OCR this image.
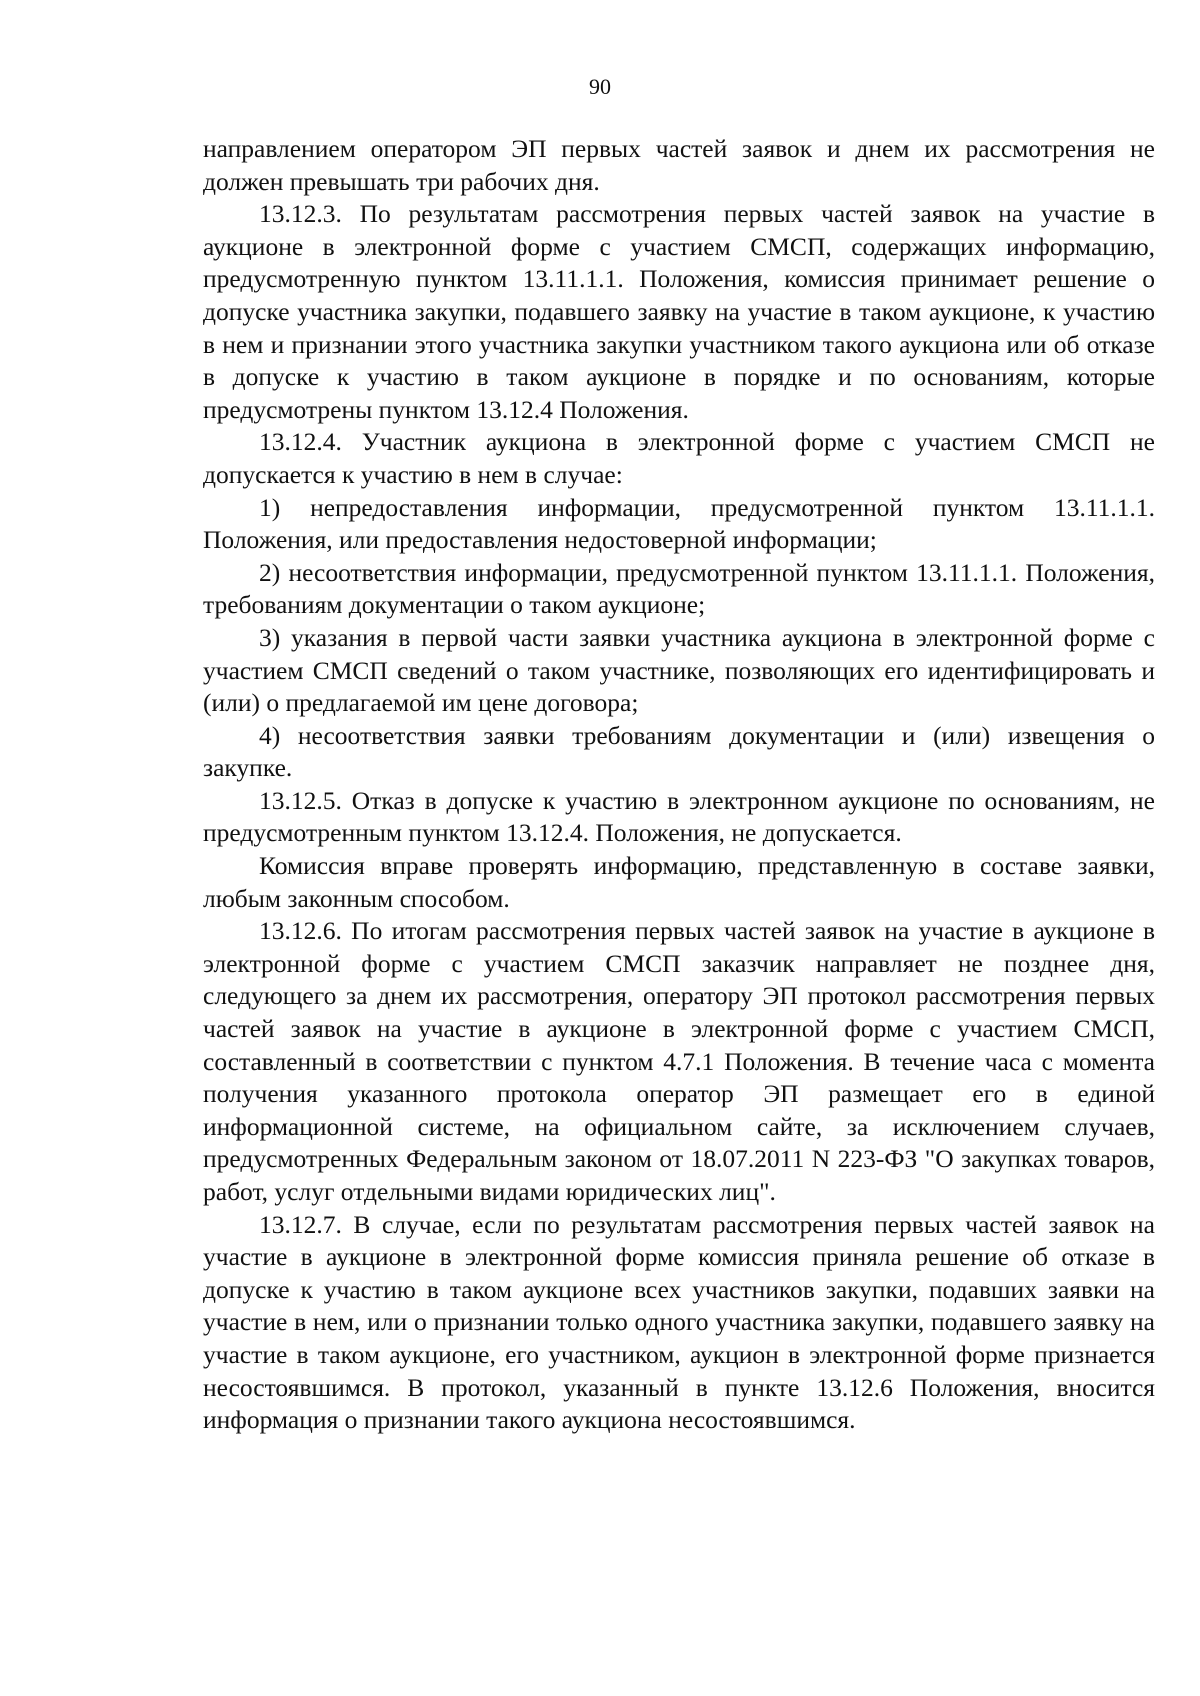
90

направлением оператором ЭП первых частей заявок и днем их рассмотрения не должен превышать три рабочих дня.

13.12.3. По результатам рассмотрения первых частей заявок на участие в аукционе в электронной форме с участием СМСП, содержащих информацию, предусмотренную пунктом 13.11.1.1. Положения, комиссия принимает решение о допуске участника закупки, подавшего заявку на участие в таком аукционе, к участию в нем и признании этого участника закупки участником такого аукциона или об отказе в допуске к участию в таком аукционе в порядке и по основаниям, которые предусмотрены пунктом 13.12.4 Положения.

13.12.4. Участник аукциона в электронной форме с участием СМСП не допускается к участию в нем в случае:

1) непредоставления информации, предусмотренной пунктом 13.11.1.1. Положения, или предоставления недостоверной информации;

2) несоответствия информации, предусмотренной пунктом 13.11.1.1. Положения, требованиям документации о таком аукционе;

3) указания в первой части заявки участника аукциона в электронной форме с участием СМСП сведений о таком участнике, позволяющих его идентифицировать и (или) о предлагаемой им цене договора;

4) несоответствия заявки требованиям документации и (или) извещения о закупке.

13.12.5. Отказ в допуске к участию в электронном аукционе по основаниям, не предусмотренным пунктом 13.12.4. Положения, не допускается.

Комиссия вправе проверять информацию, представленную в составе заявки, любым законным способом.

13.12.6. По итогам рассмотрения первых частей заявок на участие в аукционе в электронной форме с участием СМСП заказчик направляет не позднее дня, следующего за днем их рассмотрения, оператору ЭП протокол рассмотрения первых частей заявок на участие в аукционе в электронной форме с участием СМСП, составленный в соответствии с пунктом 4.7.1 Положения. В течение часа с момента получения указанного протокола оператор ЭП размещает его в единой информационной системе, на официальном сайте, за исключением случаев, предусмотренных Федеральным законом от 18.07.2011 N 223-ФЗ "О закупках товаров, работ, услуг отдельными видами юридических лиц".

13.12.7. В случае, если по результатам рассмотрения первых частей заявок на участие в аукционе в электронной форме комиссия приняла решение об отказе в допуске к участию в таком аукционе всех участников закупки, подавших заявки на участие в нем, или о признании только одного участника закупки, подавшего заявку на участие в таком аукционе, его участником, аукцион в электронной форме признается несостоявшимся. В протокол, указанный в пункте 13.12.6 Положения, вносится информация о признании такого аукциона несостоявшимся.
